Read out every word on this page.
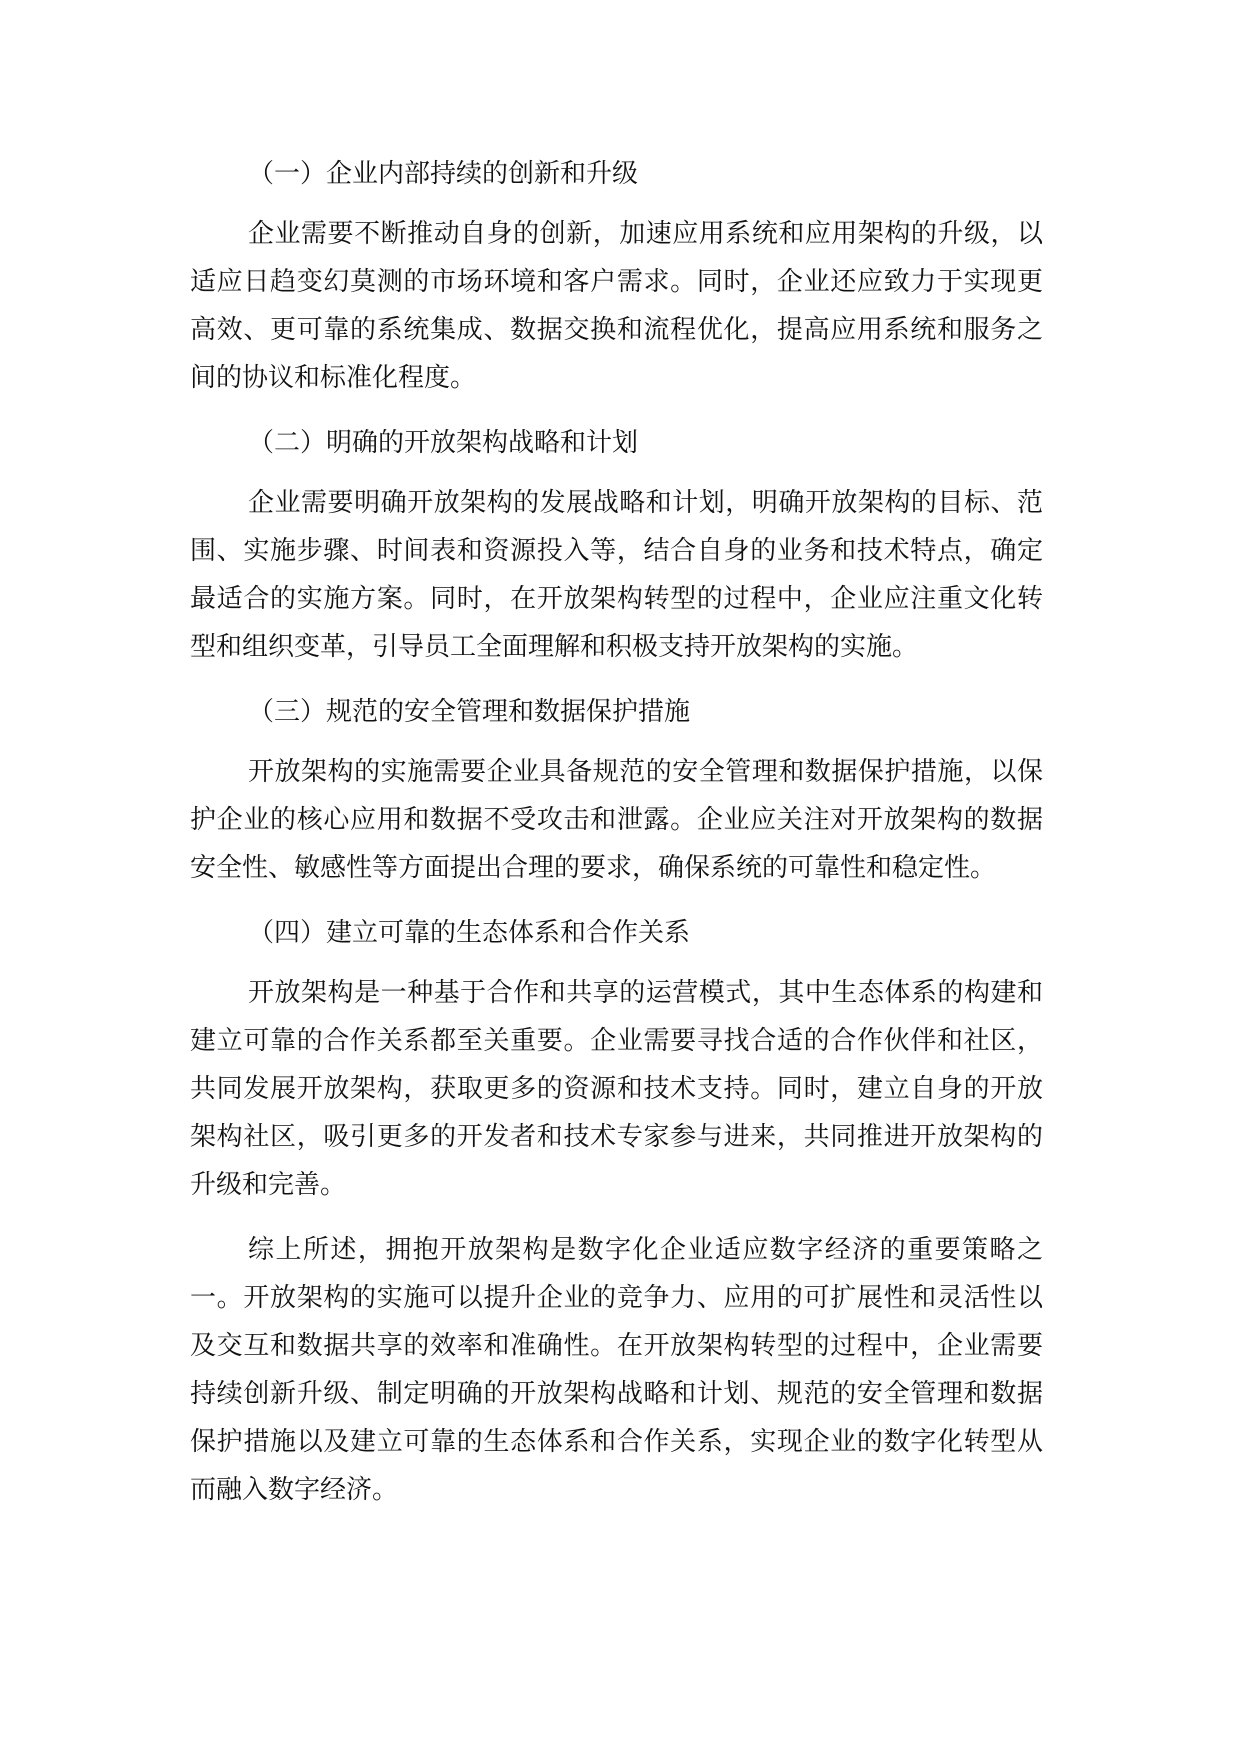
（一）企业内部持续的创新和升级

企业需要不断推动自身的创新，加速应用系统和应用架构的升级，以适应日趋变幻莫测的市场环境和客户需求。同时，企业还应致力于实现更高效、更可靠的系统集成、数据交换和流程优化，提高应用系统和服务之间的协议和标准化程度。

（二）明确的开放架构战略和计划

企业需要明确开放架构的发展战略和计划，明确开放架构的目标、范围、实施步骤、时间表和资源投入等，结合自身的业务和技术特点，确定最适合的实施方案。同时，在开放架构转型的过程中，企业应注重文化转型和组织变革，引导员工全面理解和积极支持开放架构的实施。

（三）规范的安全管理和数据保护措施

开放架构的实施需要企业具备规范的安全管理和数据保护措施，以保护企业的核心应用和数据不受攻击和泄露。企业应关注对开放架构的数据安全性、敏感性等方面提出合理的要求，确保系统的可靠性和稳定性。

（四）建立可靠的生态体系和合作关系

开放架构是一种基于合作和共享的运营模式，其中生态体系的构建和建立可靠的合作关系都至关重要。企业需要寻找合适的合作伙伴和社区，共同发展开放架构，获取更多的资源和技术支持。同时，建立自身的开放架构社区，吸引更多的开发者和技术专家参与进来，共同推进开放架构的升级和完善。

综上所述，拥抱开放架构是数字化企业适应数字经济的重要策略之一。开放架构的实施可以提升企业的竞争力、应用的可扩展性和灵活性以及交互和数据共享的效率和准确性。在开放架构转型的过程中，企业需要持续创新升级、制定明确的开放架构战略和计划、规范的安全管理和数据保护措施以及建立可靠的生态体系和合作关系，实现企业的数字化转型从而融入数字经济。
